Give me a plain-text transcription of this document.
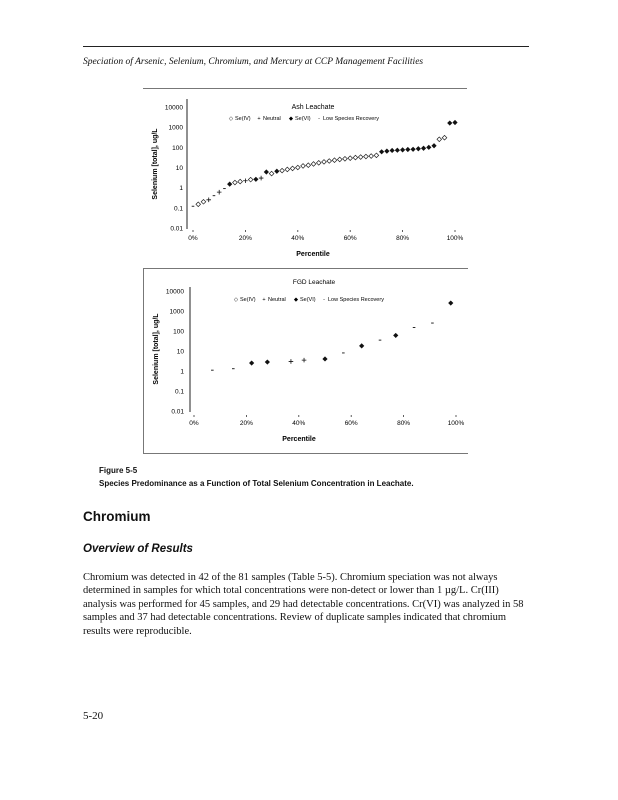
Speciation of Arsenic, Selenium, Chromium, and Mercury at CCP Management Facilities
Ash Leachate
◇ Se(IV) + Neutral ◆ Se(VI) - Low Species Recovery
0.01
0.1
1
10
100
1000
10000
Selenium [total], ug/L
0%	20%	40%	60%	80%	100%
Percentile
FGD Leachate
◇ Se(IV) + Neutral ◆ Se(VI) - Low Species Recovery
0.01
0.1
1
10
100
1000
10000
Selenium [total], ug/L
0%	20%	40%	60%	80%	100%
Percentile
Figure 5-5
Species Predominance as a Function of Total Selenium Concentration in Leachate.
Chromium
Overview of Results

Chromium was detected in 42 of the 81 samples (Table 5-5). Chromium speciation was not always determined in samples for which total concentrations were non-detect or lower than 1 µg/L. Cr(III) analysis was performed for 45 samples, and 29 had detectable concentrations. Cr(VI) was analyzed in 58 samples and 37 had detectable concentrations. Review of duplicate samples indicated that chromium results were reproducible.

5-20
